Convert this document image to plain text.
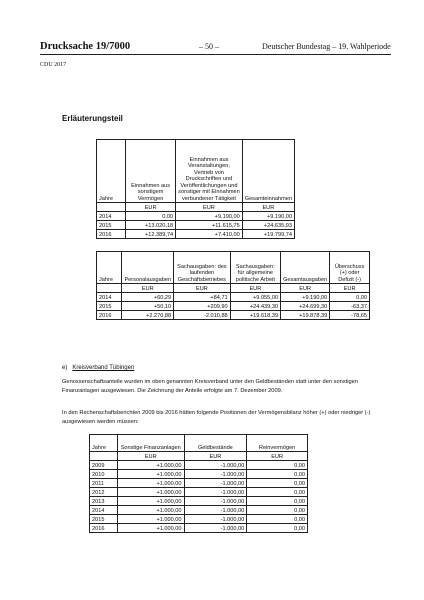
Drucksache 19/7000	– 50 –	Deutscher Bundestag – 19. Wahlperiode
CDU 2017
Erläuterungsteil
Jahre	Einnahmen aus sonstigem Vermögen	Einnahmen aus Veranstaltungen, Vertrieb von Druckschriften und Veröffentlichungen und sonstiger mit Einnahmen verbundener Tätigkeit	Gesamteinnahmen
	EUR	EUR	EUR
2014	0,00	+9.190,00	+9.190,00
2015	+13.020,18	+11.615,75	+24.635,93
2016	+12.389,74	+7.410,00	+19.799,74
Jahre	Personalausgaben	Sachausgaben: des laufenden Geschäftsbetriebes	Sachausgaben: für allgemeine politische Arbeit	Gesamtausgaben	Überschuss (+) oder Defizit (-)
	EUR	EUR	EUR	EUR	EUR
2014	+60,29	+84,71	+9.055,00	+9.190,00	0,00
2015	+50,10	+209,90	+24.439,30	+24.699,30	-63,37
2016	+2.270,88	-2.010,88	+19.618,39	+19.878,39	-78,65
e) Kreisverband Tübingen
Genossenschaftsanteile wurden im oben genannten Kreisverband unter den Geldbeständen statt unter den sonstigen Finanzanlagen ausgewiesen. Die Zeichnung der Anteile erfolgte am 7. Dezember 2009.
In den Rechenschaftsberichten 2009 bis 2016 hätten folgende Positionen der Vermögensbilanz höher (+) oder niedriger (-) ausgewiesen werden müssen:
Jahre	Sonstige Finanzanlagen	Geldbestände	Reinvermögen
	EUR	EUR	EUR
2009	+1.000,00	-1.000,00	0,00
2010	+1.000,00	-1.000,00	0,00
2011	+1.000,00	-1.000,00	0,00
2012	+1.000,00	-1.000,00	0,00
2013	+1.000,00	-1.000,00	0,00
2014	+1.000,00	-1.000,00	0,00
2015	+1.000,00	-1.000,00	0,00
2016	+1.000,00	-1.000,00	0,00
